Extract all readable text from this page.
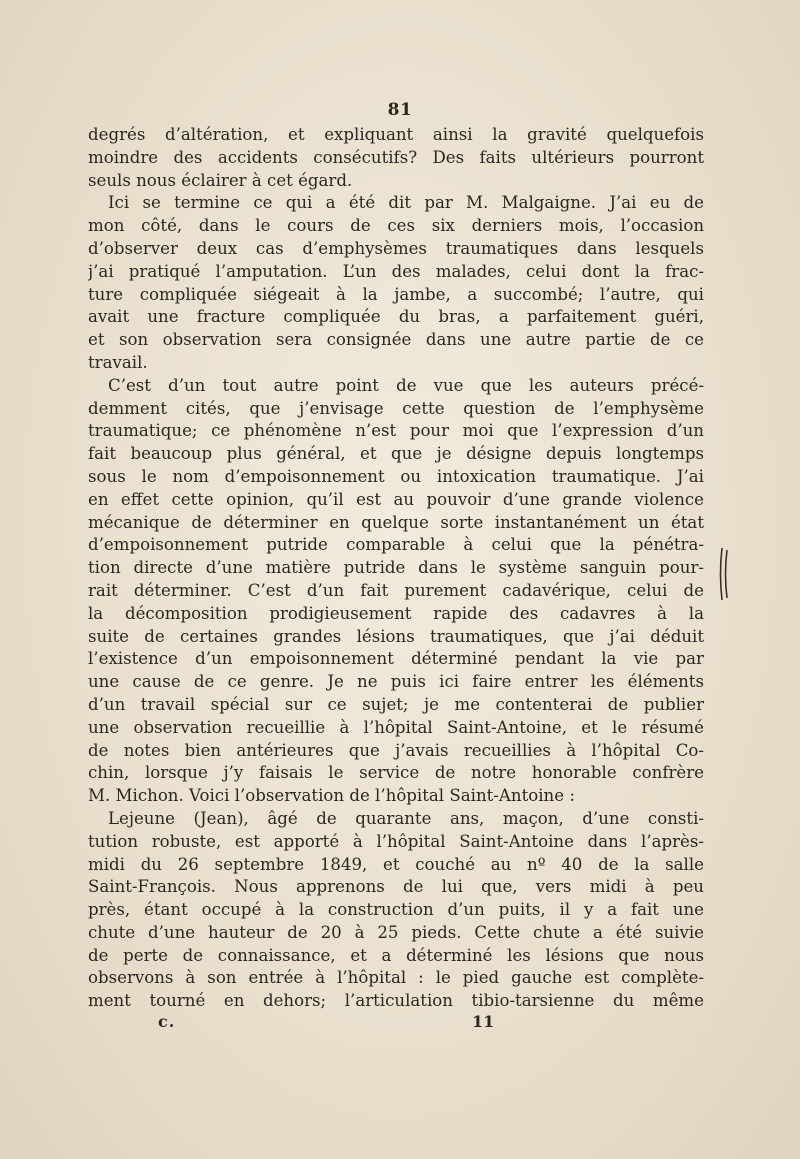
81
degrés d’altération, et expliquant ainsi la gravité quelquefois
moindre des accidents consécutifs? Des faits ultérieurs pourront
seuls nous éclairer à cet égard.
Ici se termine ce qui a été dit par M. Malgaigne. J’ai eu de
mon côté, dans le cours de ces six derniers mois, l’occasion
d’observer deux cas d’emphysèmes traumatiques dans lesquels
j’ai pratiqué l’amputation. L’un des malades, celui dont la frac-
ture compliquée siégeait à la jambe, a succombé; l’autre, qui
avait une fracture compliquée du bras, a parfaitement guéri,
et son observation sera consignée dans une autre partie de ce
travail.
C’est d’un tout autre point de vue que les auteurs précé-
demment cités, que j’envisage cette question de l’emphysème
traumatique; ce phénomène n’est pour moi que l’expression d’un
fait beaucoup plus général, et que je désigne depuis longtemps
sous le nom d’empoisonnement ou intoxication traumatique. J’ai
en effet cette opinion, qu’il est au pouvoir d’une grande violence
mécanique de déterminer en quelque sorte instantanément un état
d’empoisonnement putride comparable à celui que la pénétra-
tion directe d’une matière putride dans le système sanguin pour-
rait déterminer. C’est d’un fait purement cadavérique, celui de
la décomposition prodigieusement rapide des cadavres à la
suite de certaines grandes lésions traumatiques, que j’ai déduit
l’existence d’un empoisonnement déterminé pendant la vie par
une cause de ce genre. Je ne puis ici faire entrer les éléments
d’un travail spécial sur ce sujet; je me contenterai de publier
une observation recueillie à l’hôpital Saint-Antoine, et le résumé
de notes bien antérieures que j’avais recueillies à l’hôpital Co-
chin, lorsque j’y faisais le service de notre honorable confrère
M. Michon. Voici l’observation de l’hôpital Saint-Antoine :
Lejeune (Jean), âgé de quarante ans, maçon, d’une consti-
tution robuste, est apporté à l’hôpital Saint-Antoine dans l’après-
midi du 26 septembre 1849, et couché au nº 40 de la salle
Saint-François. Nous apprenons de lui que, vers midi à peu
près, étant occupé à la construction d’un puits, il y a fait une
chute d’une hauteur de 20 à 25 pieds. Cette chute a été suivie
de perte de connaissance, et a déterminé les lésions que nous
observons à son entrée à l’hôpital : le pied gauche est complète-
ment tourné en dehors; l’articulation tibio-tarsienne du même
c.	11
